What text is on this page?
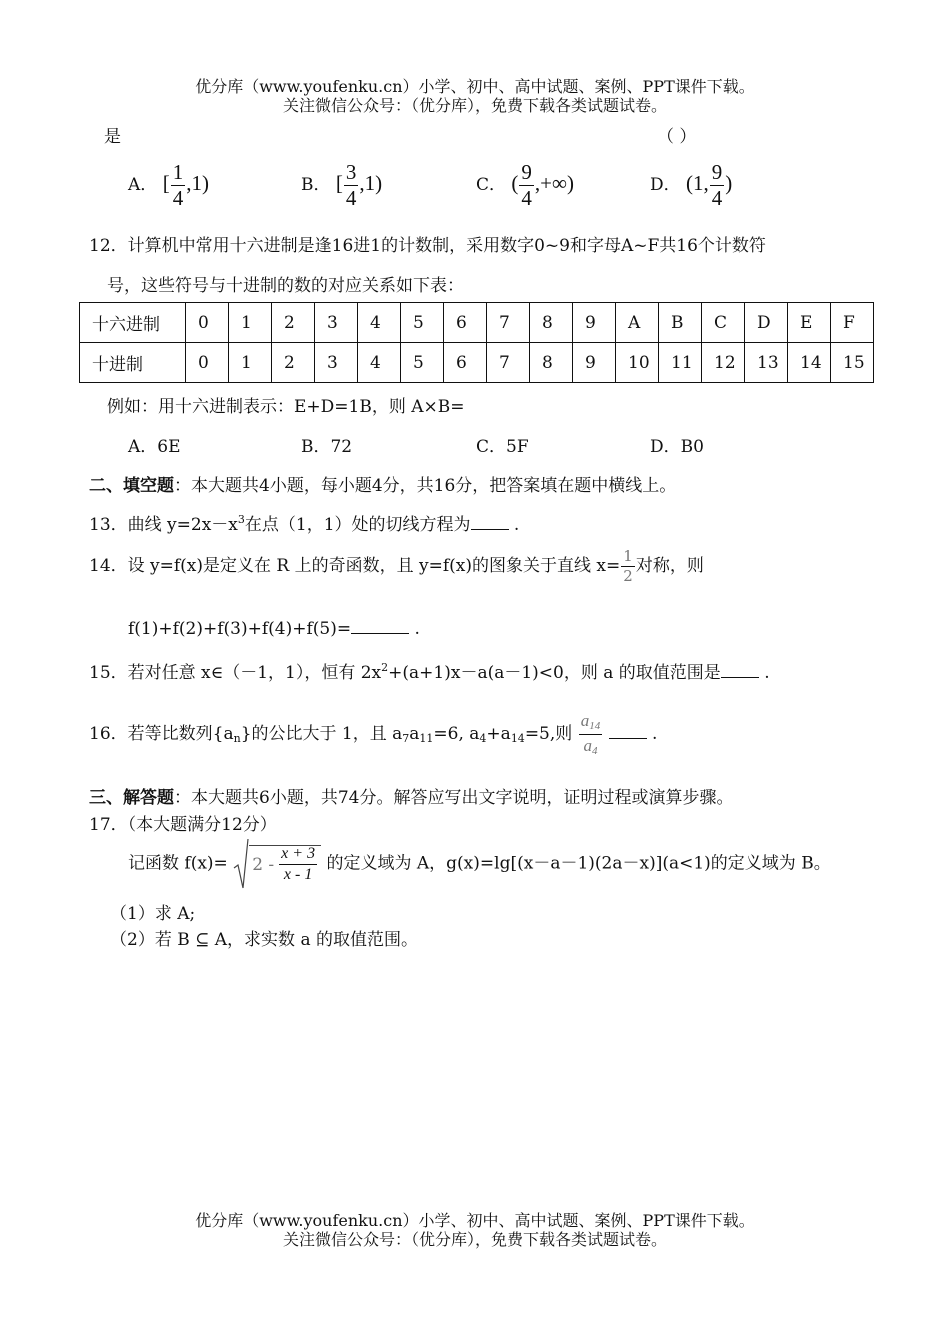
优分库（www.youfenku.cn）小学、初中、高中试题、案例、PPT课件下载。
关注微信公众号：（优分库），免费下载各类试题试卷。
是	（ ）
A． [ $\frac{1}{4} ,1$)	B． [ $\frac{3}{4} ,1$)	C． ( $\frac{9}{4}$ ,+∞)	D． (1, $\frac{9}{4}$ )
12．计算机中常用十六进制是逢16进1的计数制，采用数字0~9和字母A~F共16个计数符
号，这些符号与十进制的数的对应关系如下表：
十六进制	0	1	2	3	4	5	6	7	8	9	A	B	C	D	E	F
十进制	0	1	2	3	4	5	6	7	8	9	10	11	12	13	14	15
例如：用十六进制表示：E+D=1B，则 A×B=
A．6E	B．72	C．5F	D．B0
二、填空题：本大题共4小题，每小题4分，共16分，把答案填在题中横线上。
13．曲线 $y=2x-x^3$在点（1，1）处的切线方程为 .
14．设 y=f(x)是定义在 R 上的奇函数，且 y=f(x)的图象关于直线 $x= \frac{1}{2}$ 对称，则
f(1)+f(2)+f(3)+f(4)+f(5)=	.
15．若对任意 x∈（－1，1），恒有 $2x^2+(a+1)x-a(a-1)<0$，则 a 的取值范围是 .
16．若等比数列$\{a_n\}$的公比大于 1，且 $a_7a_{11}=6$, $a_4+a_{14}=5$,则 $\frac{a_{14}}{a_4}$	.
三、解答题：本大题共6小题，共74分。解答应写出文字说明，证明过程或演算步骤。
17．（本大题满分12分）
记函数 $f(x)= 2 - \frac{x + 3}{x - 1}$ 的定义域为 A，g(x)=lg[(x－a－1)(2a－x)](a<1)的定义域为 B。
（1）求 A;
（2）若 B ⊆ A，求实数 a 的取值范围。
优分库（www.youfenku.cn）小学、初中、高中试题、案例、PPT课件下载。
关注微信公众号：（优分库），免费下载各类试题试卷。
